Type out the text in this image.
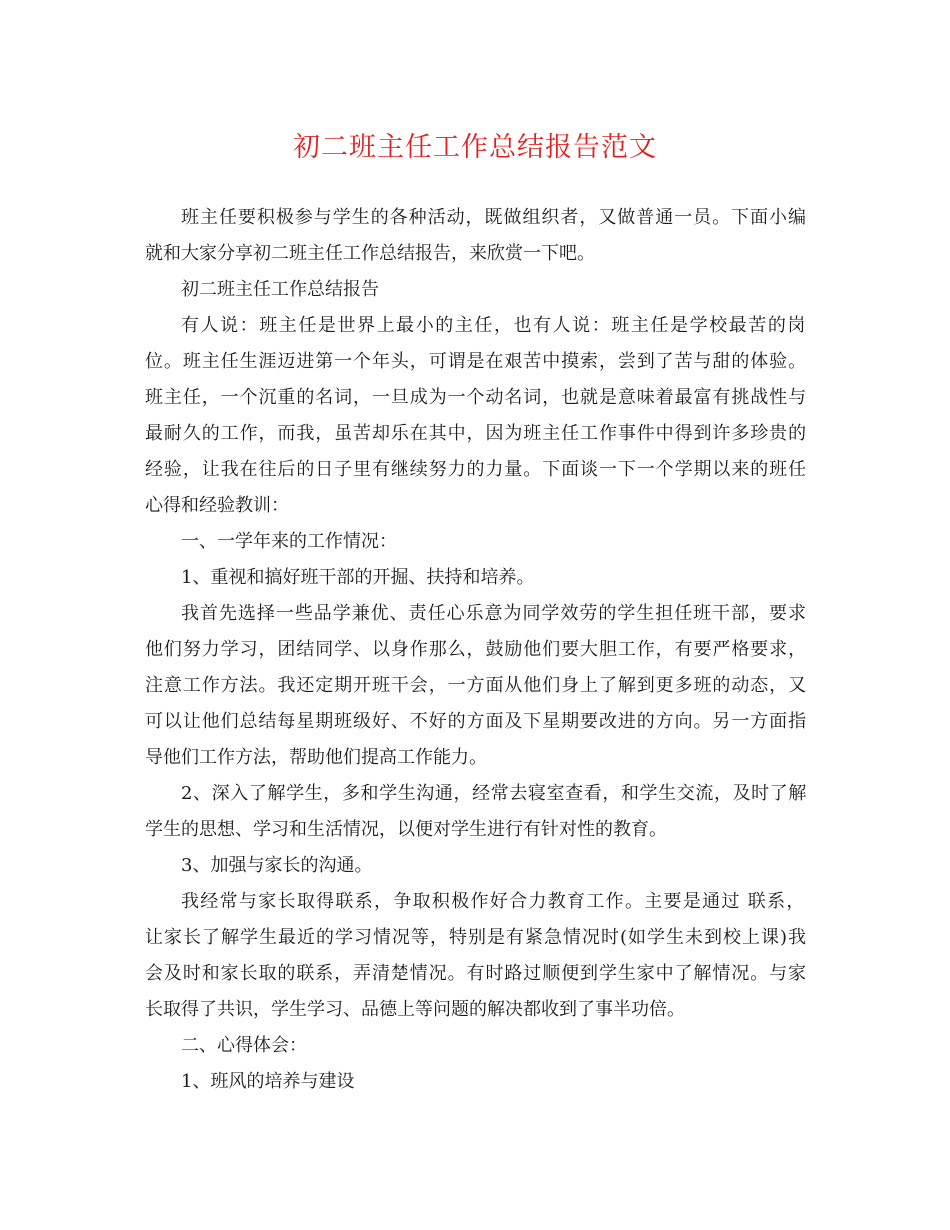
初二班主任工作总结报告范文
班主任要积极参与学生的各种活动，既做组织者，又做普通一员。下面小编
就和大家分享初二班主任工作总结报告，来欣赏一下吧。
初二班主任工作总结报告
有人说：班主任是世界上最小的主任，也有人说：班主任是学校最苦的岗
位。班主任生涯迈进第一个年头，可谓是在艰苦中摸索，尝到了苦与甜的体验。
班主任，一个沉重的名词，一旦成为一个动名词，也就是意味着最富有挑战性与
最耐久的工作，而我，虽苦却乐在其中，因为班主任工作事件中得到许多珍贵的
经验，让我在往后的日子里有继续努力的力量。下面谈一下一个学期以来的班任
心得和经验教训：
一、一学年来的工作情况：
1、重视和搞好班干部的开掘、扶持和培养。
我首先选择一些品学兼优、责任心乐意为同学效劳的学生担任班干部，要求
他们努力学习，团结同学、以身作那么，鼓励他们要大胆工作，有要严格要求，
注意工作方法。我还定期开班干会，一方面从他们身上了解到更多班的动态，又
可以让他们总结每星期班级好、不好的方面及下星期要改进的方向。另一方面指
导他们工作方法，帮助他们提高工作能力。
2、深入了解学生，多和学生沟通，经常去寝室查看，和学生交流，及时了解
学生的思想、学习和生活情况，以便对学生进行有针对性的教育。
3、加强与家长的沟通。
我经常与家长取得联系，争取积极作好合力教育工作。主要是通过 联系，
让家长了解学生最近的学习情况等，特别是有紧急情况时(如学生未到校上课)我
会及时和家长取的联系，弄清楚情况。有时路过顺便到学生家中了解情况。与家
长取得了共识，学生学习、品德上等问题的解决都收到了事半功倍。
二、心得体会：
1、班风的培养与建设
